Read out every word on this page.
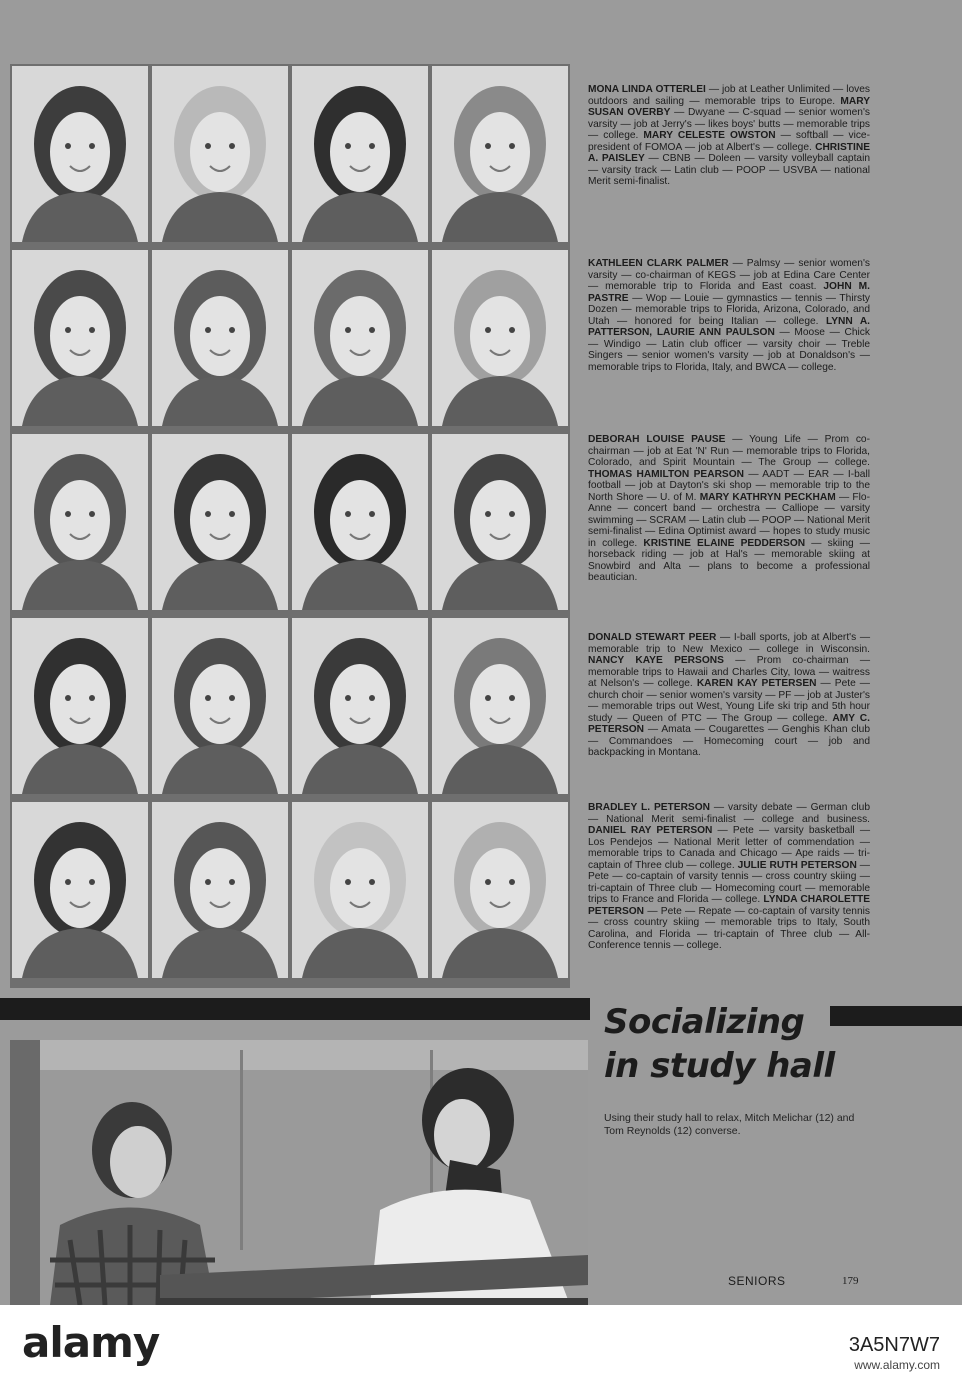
MONA LINDA OTTERLEI — job at Leather Unlimited — loves outdoors and sailing — memorable trips to Europe. MARY SUSAN OVERBY — Dwyane — C-squad — senior women's varsity — job at Jerry's — likes boys' butts — memorable trips — college. MARY CELESTE OWSTON — softball — vice-president of FOMOA — job at Albert's — college. CHRISTINE A. PAISLEY — CBNB — Doleen — varsity volleyball captain — varsity track — Latin club — POOP — USVBA — national Merit semi-finalist.
KATHLEEN CLARK PALMER — Palmsy — senior women's varsity — co-chairman of KEGS — job at Edina Care Center — memorable trip to Florida and East coast. JOHN M. PASTRE — Wop — Louie — gymnastics — tennis — Thirsty Dozen — memorable trips to Florida, Arizona, Colorado, and Utah — honored for being Italian — college. LYNN A. PATTERSON, LAURIE ANN PAULSON — Moose — Chick — Windigo — Latin club officer — varsity choir — Treble Singers — senior women's varsity — job at Donaldson's — memorable trips to Florida, Italy, and BWCA — college.
DEBORAH LOUISE PAUSE — Young Life — Prom co-chairman — job at Eat 'N' Run — memorable trips to Florida, Colorado, and Spirit Mountain — The Group — college. THOMAS HAMILTON PEARSON — AADT — EAR — I-ball football — job at Dayton's ski shop — memorable trip to the North Shore — U. of M. MARY KATHRYN PECKHAM — Flo-Anne — concert band — orchestra — Calliope — varsity swimming — SCRAM — Latin club — POOP — National Merit semi-finalist — Edina Optimist award — hopes to study music in college. KRISTINE ELAINE PEDDERSON — skiing — horseback riding — job at Hal's — memorable skiing at Snowbird and Alta — plans to become a professional beautician.
DONALD STEWART PEER — I-ball sports, job at Albert's — memorable trip to New Mexico — college in Wisconsin. NANCY KAYE PERSONS — Prom co-chairman — memorable trips to Hawaii and Charles City, Iowa — waitress at Nelson's — college. KAREN KAY PETERSEN — Pete — church choir — senior women's varsity — PF — job at Juster's — memorable trips out West, Young Life ski trip and 5th hour study — Queen of PTC — The Group — college. AMY C. PETERSON — Amata — Cougarettes — Genghis Khan club — Commandoes — Homecoming court — job and backpacking in Montana.
BRADLEY L. PETERSON — varsity debate — German club — National Merit semi-finalist — college and business. DANIEL RAY PETERSON — Pete — varsity basketball — Los Pendejos — National Merit letter of commendation — memorable trips to Canada and Chicago — Ape raids — tri-captain of Three club — college. JULIE RUTH PETERSON — Pete — co-captain of varsity tennis — cross country skiing — tri-captain of Three club — Homecoming court — memorable trips to France and Florida — college. LYNDA CHAROLETTE PETERSON — Pete — Repate — co-captain of varsity tennis — cross country skiing — memorable trips to Italy, South Carolina, and Florida — tri-captain of Three club — All-Conference tennis — college.
Socializing
in study hall
Using their study hall to relax, Mitch Melichar (12) and Tom Reynolds (12) converse.
SENIORS	179
alamy	3A5N7W7
www.alamy.com
